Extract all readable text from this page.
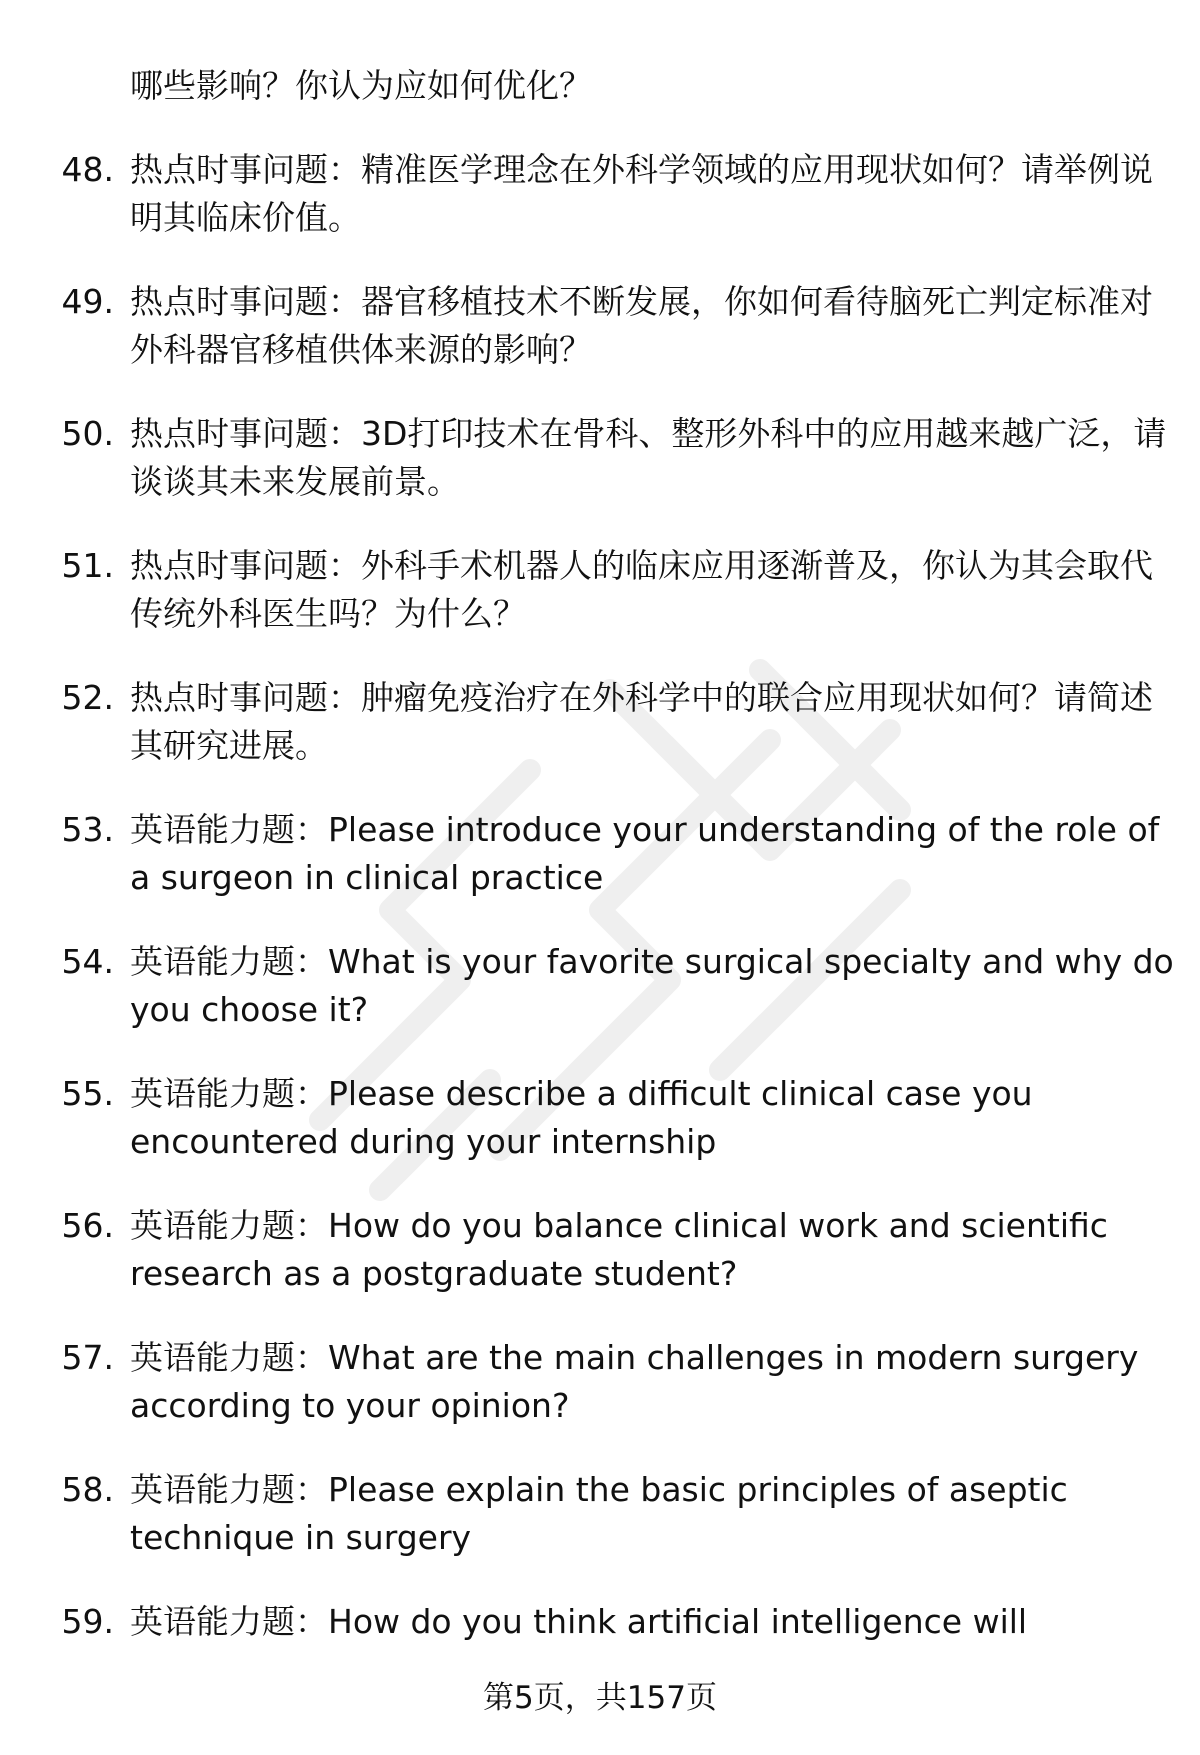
哪些影响？你认为应如何优化？
48. 热点时事问题：精准医学理念在外科学领域的应用现状如何？请举例说明其临床价值。
49. 热点时事问题：器官移植技术不断发展，你如何看待脑死亡判定标准对外科器官移植供体来源的影响？
50. 热点时事问题：3D打印技术在骨科、整形外科中的应用越来越广泛，请谈谈其未来发展前景。
51. 热点时事问题：外科手术机器人的临床应用逐渐普及，你认为其会取代传统外科医生吗？为什么？
52. 热点时事问题：肿瘤免疫治疗在外科学中的联合应用现状如何？请简述其研究进展。
53. 英语能力题：Please introduce your understanding of the role of a surgeon in clinical practice
54. 英语能力题：What is your favorite surgical specialty and why do you choose it?
55. 英语能力题：Please describe a difficult clinical case you encountered during your internship
56. 英语能力题：How do you balance clinical work and scientific research as a postgraduate student?
57. 英语能力题：What are the main challenges in modern surgery according to your opinion?
58. 英语能力题：Please explain the basic principles of aseptic technique in surgery
59. 英语能力题：How do you think artificial intelligence will
第5页，共157页
